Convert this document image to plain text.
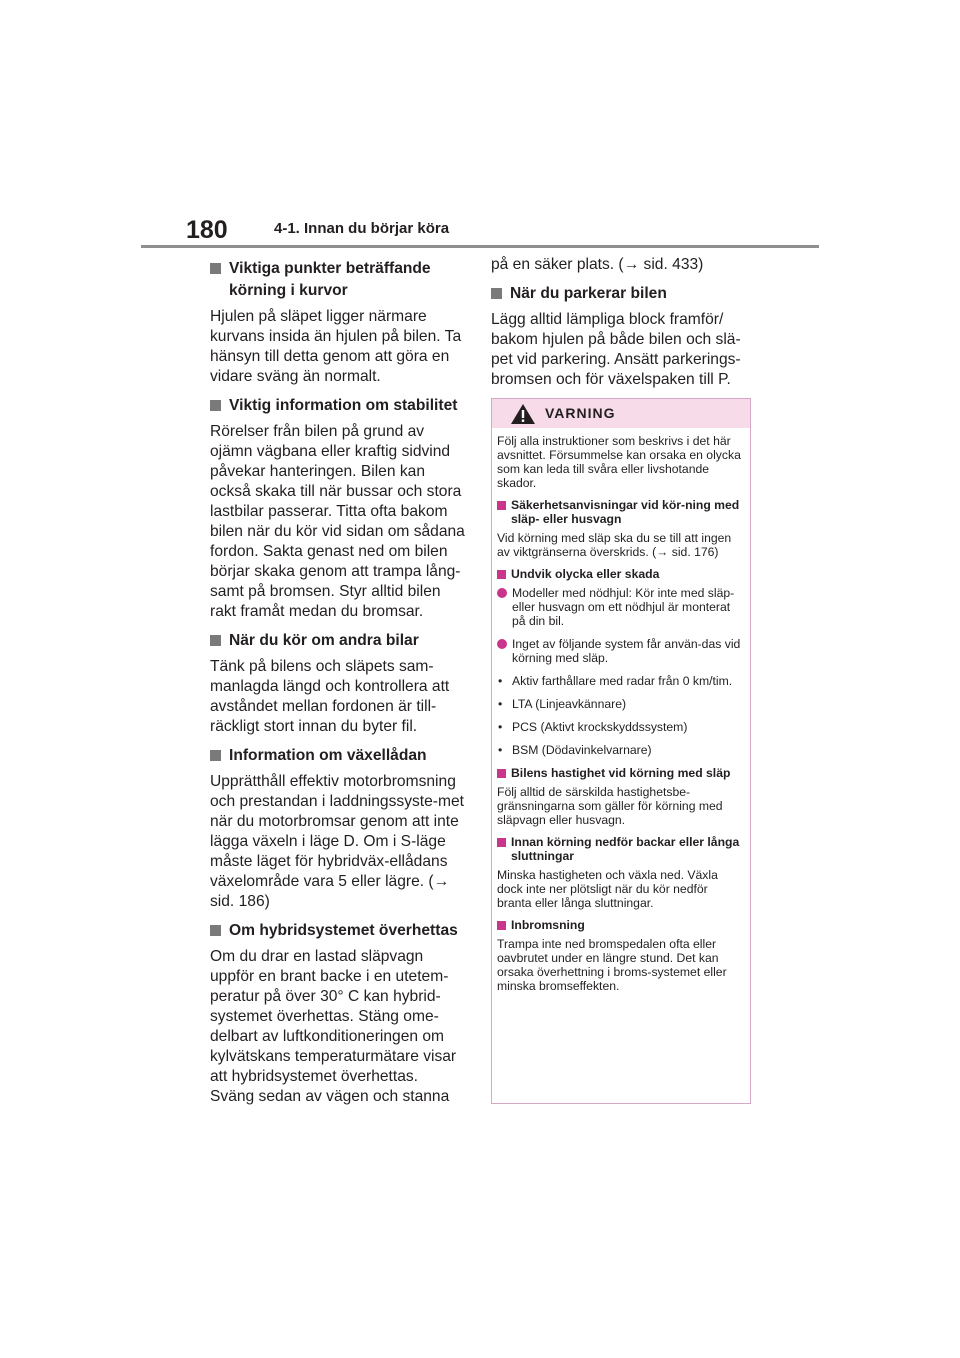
180	4-1. Innan du börjar köra
Viktiga punkter beträffande körning i kurvor

Hjulen på släpet ligger närmare kurvans insida än hjulen på bilen. Ta hänsyn till detta genom att göra en vidare sväng än normalt.

Viktig information om stabilitet

Rörelser från bilen på grund av ojämn vägbana eller kraftig sidvind påvekar hanteringen. Bilen kan också skaka till när bussar och stora lastbilar passerar. Titta ofta bakom bilen när du kör vid sidan om sådana fordon. Sakta genast ned om bilen börjar skaka genom att trampa lång-samt på bromsen. Styr alltid bilen rakt framåt medan du bromsar.

När du kör om andra bilar

Tänk på bilens och släpets sam-manlagda längd och kontrollera att avståndet mellan fordonen är till-räckligt stort innan du byter fil.

Information om växellådan

Upprätthåll effektiv motorbromsning och prestandan i laddningssyste-met när du motorbromsar genom att inte lägga växeln i läge D. Om i S-läge måste läget för hybridväx-ellådans växelområde vara 5 eller lägre. (→ sid. 186)

Om hybridsystemet överhettas

Om du drar en lastad släpvagn uppför en brant backe i en utetem-peratur på över 30° C kan hybrid-systemet överhettas. Stäng ome-delbart av luftkonditioneringen om kylvätskans temperaturmätare visar att hybridsystemet överhettas. Sväng sedan av vägen och stanna

på en säker plats. (→ sid. 433)

När du parkerar bilen

Lägg alltid lämpliga block framför/ bakom hjulen på både bilen och slä-pet vid parkering. Ansätt parkerings-bromsen och för växelspaken till P.

VARNING

Följ alla instruktioner som beskrivs i det här avsnittet. Försummelse kan orsaka en olycka som kan leda till svåra eller livshotande skador.

Säkerhetsanvisningar vid kör-ning med släp- eller husvagn

Vid körning med släp ska du se till att ingen av viktgränserna överskrids. (→ sid. 176)

Undvik olycka eller skada
Modeller med nödhjul: Kör inte med släp- eller husvagn om ett nödhjul är monterat på din bil.
Inget av följande system får använ-das vid körning med släp.
• Aktiv farthållare med radar från 0 km/tim.
• LTA (Linjeavkännare)
• PCS (Aktivt krockskyddssystem)
• BSM (Dödavinkelvarnare)
Bilens hastighet vid körning med släp

Följ alltid de särskilda hastighetsbe-gränsningarna som gäller för körning med släpvagn eller husvagn.

Innan körning nedför backar eller långa sluttningar

Minska hastigheten och växla ned. Växla dock inte ner plötsligt när du kör nedför branta eller långa sluttningar.

Inbromsning

Trampa inte ned bromspedalen ofta eller oavbrutet under en längre stund. Det kan orsaka överhettning i broms-systemet eller minska bromseffekten.
